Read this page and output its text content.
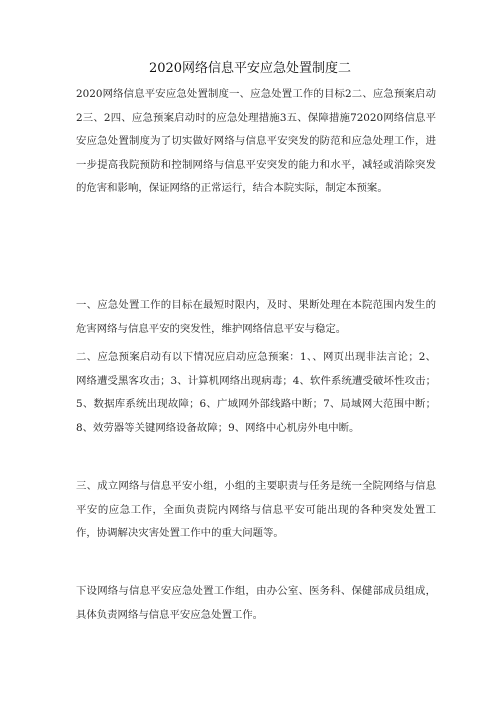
2020网络信息平安应急处置制度二

2020网络信息平安应急处置制度一、应急处置工作的目标2二、应急预案启动2三、2四、应急预案启动时的应急处理措施3五、保障措施72020网络信息平安应急处置制度为了切实做好网络与信息平安突发的防范和应急处理工作，进一步提高我院预防和控制网络与信息平安突发的能力和水平，减轻或消除突发的危害和影响，保证网络的正常运行，结合本院实际，制定本预案。

一、应急处置工作的目标在最短时限内，及时、果断处理在本院范围内发生的危害网络与信息平安的突发性，维护网络信息平安与稳定。

二、应急预案启动有以下情况应启动应急预案：1、、网页出现非法言论；2、网络遭受黑客攻击；3、计算机网络出现病毒；4、软件系统遭受破坏性攻击；5、数据库系统出现故障；6、广域网外部线路中断；7、局域网大范围中断；8、效劳器等关键网络设备故障；9、网络中心机房外电中断。

三、成立网络与信息平安小组，小组的主要职责与任务是统一全院网络与信息平安的应急工作，全面负责院内网络与信息平安可能出现的各种突发处置工作，协调解决灾害处置工作中的重大问题等。

下设网络与信息平安应急处置工作组，由办公室、医务科、保健部成员组成，具体负责网络与信息平安应急处置工作。
